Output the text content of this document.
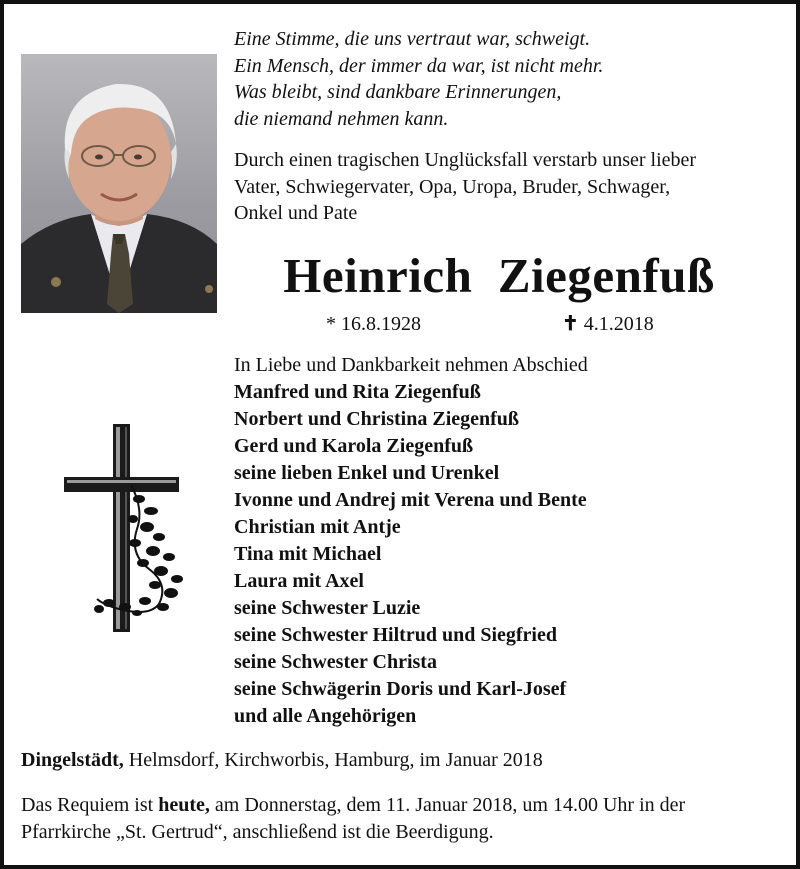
Eine Stimme, die uns vertraut war, schweigt.
Ein Mensch, der immer da war, ist nicht mehr.
Was bleibt, sind dankbare Erinnerungen,
die niemand nehmen kann.
Durch einen tragischen Unglücksfall verstarb unser lieber
Vater, Schwiegervater, Opa, Uropa, Bruder, Schwager,
Onkel und Pate
Heinrich  Ziegenfuß
* 16.8.1928	✝ 4.1.2018
In Liebe und Dankbarkeit nehmen Abschied
Manfred und Rita Ziegenfuß
Norbert und Christina Ziegenfuß
Gerd und Karola Ziegenfuß
seine lieben Enkel und Urenkel
Ivonne und Andrej mit Verena und Bente
Christian mit Antje
Tina mit Michael
Laura mit Axel
seine Schwester Luzie
seine Schwester Hiltrud und Siegfried
seine Schwester Christa
seine Schwägerin Doris und Karl-Josef
und alle Angehörigen
Dingelstädt, Helmsdorf, Kirchworbis, Hamburg, im Januar 2018
Das Requiem ist heute, am Donnerstag, dem 11. Januar 2018, um 14.00 Uhr in der
Pfarrkirche „St. Gertrud“, anschließend ist die Beerdigung.
